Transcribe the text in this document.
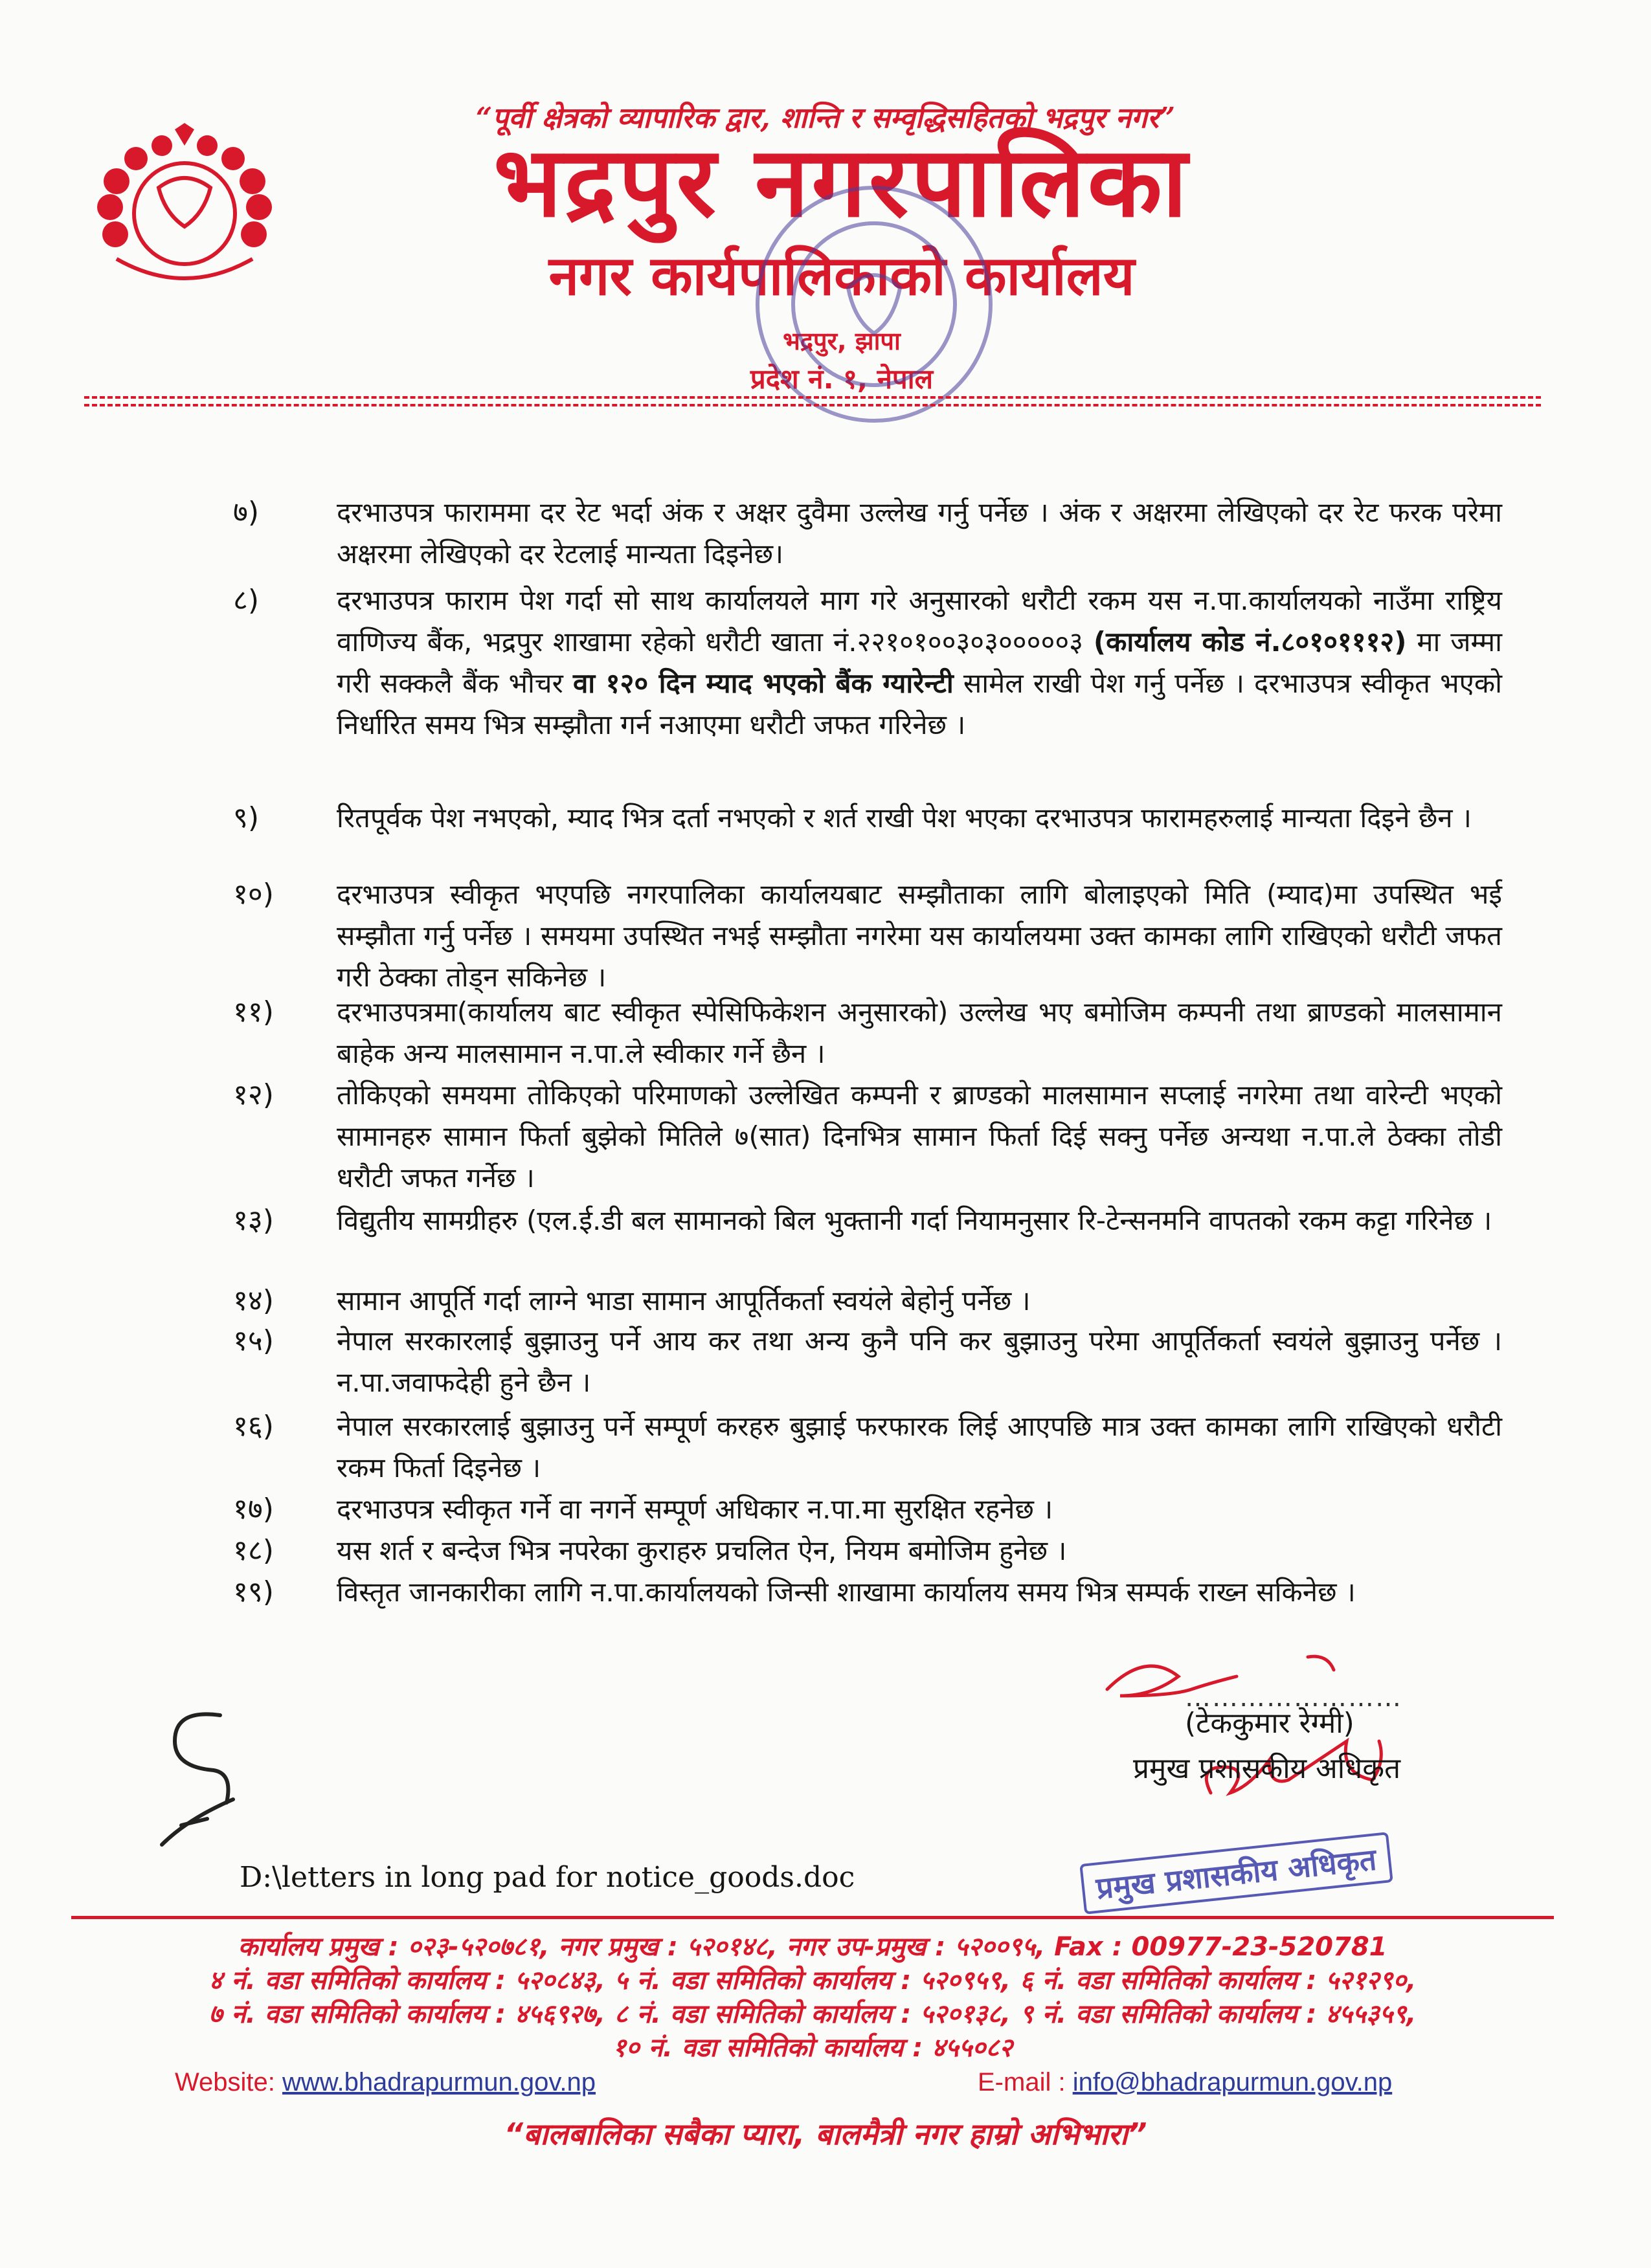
“पूर्वी क्षेत्रको व्यापारिक द्वार, शान्ति र सम्वृद्धिसहितको भद्रपुर नगर”
भद्रपुर नगरपालिका
नगर कार्यपालिकाको कार्यालय
भद्रपुर, झापा
प्रदेश नं. १, नेपाल
७)	दरभाउपत्र फाराममा दर रेट भर्दा अंक र अक्षर दुवैमा उल्लेख गर्नु पर्नेछ । अंक र अक्षरमा लेखिएको दर रेट फरक परेमा अक्षरमा लेखिएको दर रेटलाई मान्यता दिइनेछ।
८)	दरभाउपत्र फाराम पेश गर्दा सो साथ कार्यालयले माग गरे अनुसारको धरौटी रकम यस न.पा.कार्यालयको नाउँमा राष्ट्रिय वाणिज्य बैंक, भद्रपुर शाखामा रहेको धरौटी खाता नं.२२१०१००३०३०००००३ (कार्यालय कोड नं.८०१०१११२) मा जम्मा गरी सक्कलै बैंक भौचर वा १२० दिन म्याद भएको बैंक ग्यारेन्टी सामेल राखी पेश गर्नु पर्नेछ । दरभाउपत्र स्वीकृत भएको निर्धारित समय भित्र सम्झौता गर्न नआएमा धरौटी जफत गरिनेछ ।
९)	रितपूर्वक पेश नभएको, म्याद भित्र दर्ता नभएको र शर्त राखी पेश भएका दरभाउपत्र फारामहरुलाई मान्यता दिइने छैन ।
१०)	दरभाउपत्र स्वीकृत भएपछि नगरपालिका कार्यालयबाट सम्झौताका लागि बोलाइएको मिति (म्याद)मा उपस्थित भई सम्झौता गर्नु पर्नेछ । समयमा उपस्थित नभई सम्झौता नगरेमा यस कार्यालयमा उक्त कामका लागि राखिएको धरौटी जफत गरी ठेक्का तोड्न सकिनेछ ।
११)	दरभाउपत्रमा(कार्यालय बाट स्वीकृत स्पेसिफिकेशन अनुसारको) उल्लेख भए बमोजिम कम्पनी तथा ब्राण्डको मालसामान बाहेक अन्य मालसामान न.पा.ले स्वीकार गर्ने छैन ।
१२)	तोकिएको समयमा तोकिएको परिमाणको उल्लेखित कम्पनी र ब्राण्डको मालसामान सप्लाई नगरेमा तथा वारेन्टी भएको सामानहरु सामान फिर्ता बुझेको मितिले ७(सात) दिनभित्र सामान फिर्ता दिई सक्नु पर्नेछ अन्यथा न.पा.ले ठेक्का तोडी धरौटी जफत गर्नेछ ।
१३)	विद्युतीय सामग्रीहरु (एल.ई.डी बल सामानको बिल भुक्तानी गर्दा नियामनुसार रि-टेन्सनमनि वापतको रकम कट्टा गरिनेछ ।
१४)	सामान आपूर्ति गर्दा लाग्ने भाडा सामान आपूर्तिकर्ता स्वयंले बेहोर्नु पर्नेछ ।
१५)	नेपाल सरकारलाई बुझाउनु पर्ने आय कर तथा अन्य कुनै पनि कर बुझाउनु परेमा आपूर्तिकर्ता स्वयंले बुझाउनु पर्नेछ । न.पा.जवाफदेही हुने छैन ।
१६)	नेपाल सरकारलाई बुझाउनु पर्ने सम्पूर्ण करहरु बुझाई फरफारक लिई आएपछि मात्र उक्त कामका लागि राखिएको धरौटी रकम फिर्ता दिइनेछ ।
१७)	दरभाउपत्र स्वीकृत गर्ने वा नगर्ने सम्पूर्ण अधिकार न.पा.मा सुरक्षित रहनेछ ।
१८)	यस शर्त र बन्देज भित्र नपरेका कुराहरु प्रचलित ऐन, नियम बमोजिम हुनेछ ।
१९)	विस्तृत जानकारीका लागि न.पा.कार्यालयको जिन्सी शाखामा कार्यालय समय भित्र सम्पर्क राख्न सकिनेछ ।
……………………
(टेककुमार रेग्मी)
प्रमुख प्रशासकीय अधिकृत
D:\letters in long pad for notice_goods.doc	प्रमुख प्रशासकीय अधिकृत
कार्यालय प्रमुख : ०२३-५२०७८१, नगर प्रमुख : ५२०१४८, नगर उप-प्रमुख : ५२००९५, Fax : 00977-23-520781
४ नं. वडा समितिको कार्यालय : ५२०८४३, ५ नं. वडा समितिको कार्यालय : ५२०९५९, ६ नं. वडा समितिको कार्यालय : ५२१२९०,
७ नं. वडा समितिको कार्यालय : ४५६९२७, ८ नं. वडा समितिको कार्यालय : ५२०१३८, ९ नं. वडा समितिको कार्यालय : ४५५३५९,
१० नं. वडा समितिको कार्यालय : ४५५०८२
Website: www.bhadrapurmun.gov.np	E-mail : info@bhadrapurmun.gov.np
“बालबालिका सबैका प्यारा, बालमैत्री नगर हाम्रो अभिभारा”
